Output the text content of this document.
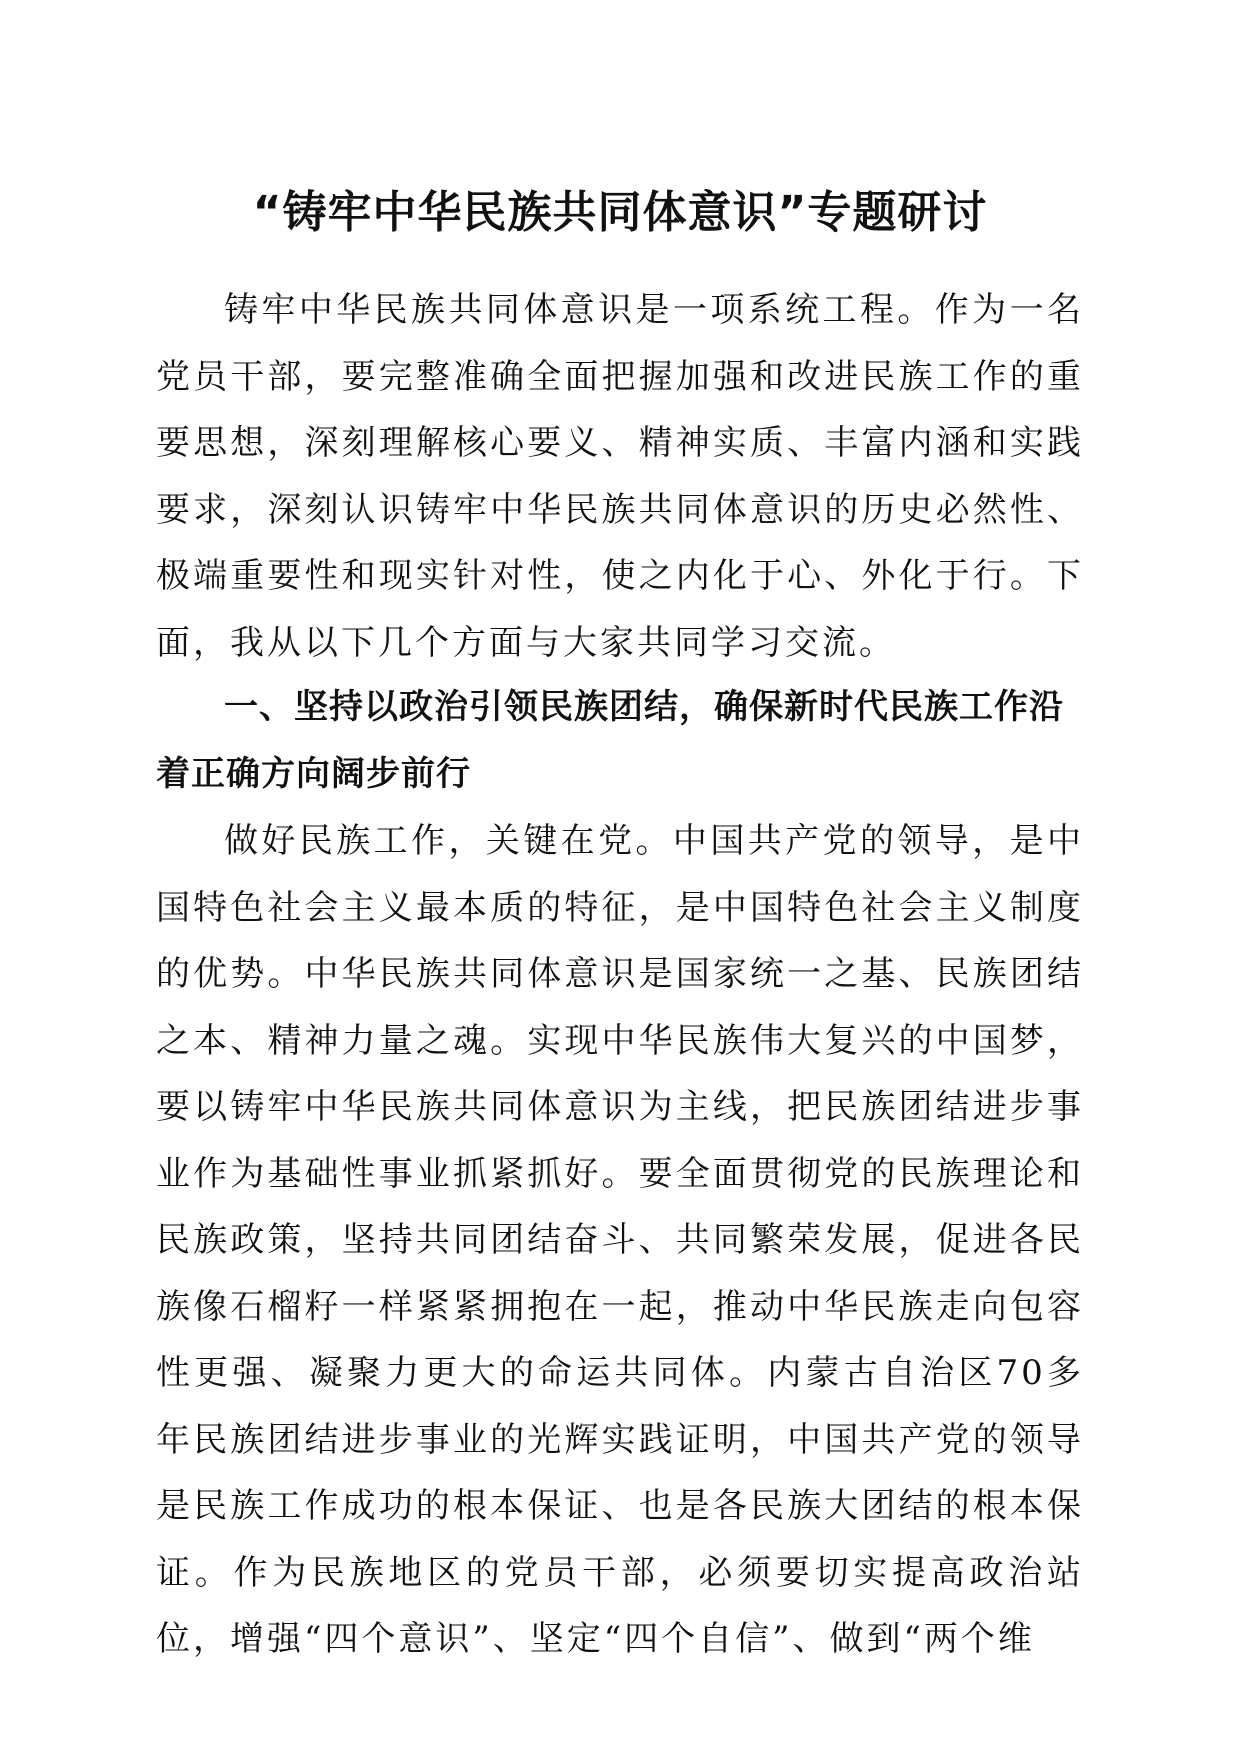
“铸牢中华民族共同体意识”专题研讨

铸牢中华民族共同体意识是一项系统工程。作为一名党员干部，要完整准确全面把握加强和改进民族工作的重要思想，深刻理解核心要义、精神实质、丰富内涵和实践要求，深刻认识铸牢中华民族共同体意识的历史必然性、极端重要性和现实针对性，使之内化于心、外化于行。下面，我从以下几个方面与大家共同学习交流。

一、坚持以政治引领民族团结，确保新时代民族工作沿着正确方向阔步前行

做好民族工作，关键在党。中国共产党的领导，是中国特色社会主义最本质的特征，是中国特色社会主义制度的优势。中华民族共同体意识是国家统一之基、民族团结之本、精神力量之魂。实现中华民族伟大复兴的中国梦，要以铸牢中华民族共同体意识为主线，把民族团结进步事业作为基础性事业抓紧抓好。要全面贯彻党的民族理论和民族政策，坚持共同团结奋斗、共同繁荣发展，促进各民族像石榴籽一样紧紧拥抱在一起，推动中华民族走向包容性更强、凝聚力更大的命运共同体。内蒙古自治区70多年民族团结进步事业的光辉实践证明，中国共产党的领导是民族工作成功的根本保证、也是各民族大团结的根本保证。作为民族地区的党员干部，必须要切实提高政治站位，增强“四个意识”、坚定“四个自信”、做到“两个维
